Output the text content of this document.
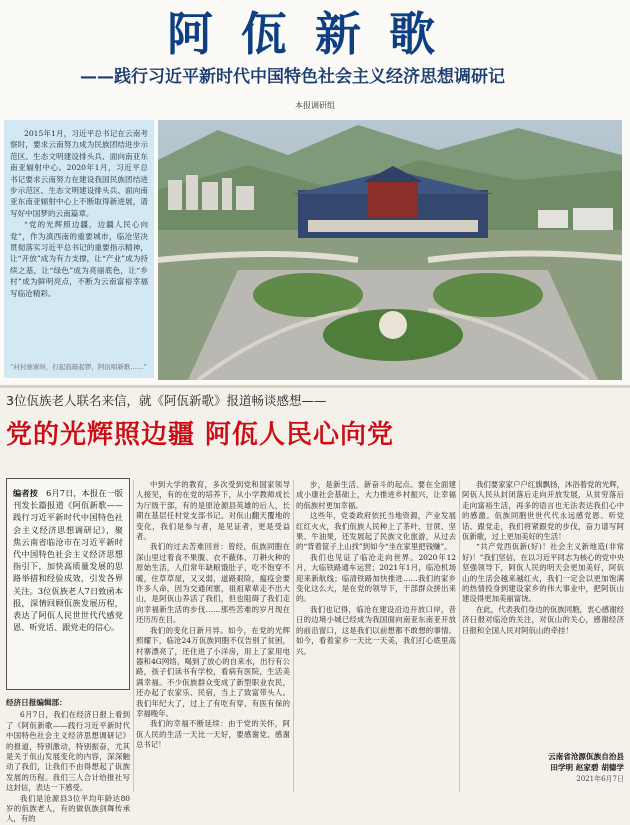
阿佤新歌
——践行习近平新时代中国特色社会主义经济思想调研记
本报调研组

2015年1月，习近平总书记在云南考察时，要求云南努力成为民族团结进步示范区、生态文明建设排头兵、面向南亚东南亚辐射中心。2020年1月，习近平总书记要求云南努力在建设我国民族团结进步示范区、生态文明建设排头兵、面向南亚东南亚辐射中心上不断取得新进展，谱写好中国梦的云南篇章。

“党的光辉照边疆，边疆人民心向党”，作为滇西南的重要城市，临沧坚决贯彻落实习近平总书记的重要指示精神，让“开放”成为有力支撑，让“产业”成为持续之基，让“绿色”成为亮丽底色，让“乡村”成为鲜明亮点，不断为云南富裕幸福写临沧精彩。

“村村寨寨呀，打起鼓敲起锣，阿佤唱新歌……”
3位佤族老人联名来信，就《阿佤新歌》报道畅谈感想——
党的光辉照边疆 阿佤人民心向党

编者按　 6月7日，本报在一版刊发长篇报道《阿佤新歌——践行习近平新时代中国特色社会主义经济思想调研记》，聚焦云南省临沧市在习近平新时代中国特色社会主义经济思想指引下，加快高质量发展的思路举措和经验成效，引发各界关注。3位佤族老人7日致函本报，深情回顾佤族发展历程，表达了阿佤人民世世代代感党恩、听党话、跟党走的信心。

经济日报编辑部：

6月7日，我们在经济日报上看到了《阿佤新歌——践行习近平新时代中国特色社会主义经济思想调研记》的报道，特别激动，特别振奋，尤其是关于佤山发展变化的内容，深深触动了我们，让我们不由得想起了佤族发展的历程。我们三人合计给报社写这封信，表达一下感受。

我们是沧源县3位平均年龄达80岁的佤族老人，有的做佤族剑舞传承人，有的

中到大学的教育，多次受到党和国家领导人接见，有的在党的培养下，从小学教师成长为厅级干部，有的是原沧源县英雄的后人，长期在基层任村党支部书记。对佤山翻天覆地的变化，我们是参与者，是见证者，更是受益者。

我们的过去苦难回首：曾经，佤族同胞在深山里过着食不果腹、衣不蔽体、刀耕火种的原始生活，人们常年缺粮饿肚子，吃不饱穿不暖，住草草屋，又又弱，道路艰险，瘟疫会要许多人命，因为交通闭塞，祖祖辈辈走不出大山，是阿佤山养活了我们，但也阻碍了我们走向幸福新生活的步伐……那些苦难的岁月现在还历历在目。

我们的变化日新月异。如今，在党的光辉照耀下，临沧24万佤族同胞不仅告别了贫困，村寨漂亮了，还住进了小洋房，用上了家用电器和4G网络，喝到了放心的自来水，出行有公路，孩子们读书有学校，看病有医院，生活美满幸福。不少佤族群众变成了新型职业农民，还办起了农家乐、民宿，当上了致富带头人。我们年纪大了，过上了有吃有穿、有医有保的幸福晚年。

我们的幸福不断延续：由于党的关怀，阿佤人民的生活一天比一天好，要感谢党、感谢总书记！

步，是新生活、新奋斗的起点。要在全面建成小康社会基础上，大力推进乡村振兴，让幸福的佤族村更加幸福。

这些年，党委政府依托当地资源，产业发展红红火火，我们佤族人民种上了茶叶、甘蔗、坚果、牛油果，还发展起了民族文化旅游，从过去的“背着筐子上山找”到如今“坐在家里把钱赚”。

我们也见证了临沧走向世界。2020年12月，大临铁路通车运营；2021年1月，临沧机场迎来新航线；临清铁路加快推进……我们的家乡变化这么大，是在党的领导下，干部群众拼出来的。

我们也记得，临沧在建设沿边开放口岸，昔日的边境小城已经成为我国面向南亚东南亚开放的前沿窗口，这是我们以前想都不敢想的事情。如今，看着家乡一天比一天美，我们打心底里高兴。

我们要家家户户红旗飘扬，沐浴着党的光辉，阿佤人民从封闭落后走向开放发展，从贫穷落后走向富裕生活，再多的语言也无法表达我们心中的感激。佤族同胞世世代代永远感党恩、听党话、跟党走，我们将紧跟党的步伐，奋力谱写阿佤新歌，过上更加美好的生活！

“共产党西佤新(好)！社会主义新地造(非常好)！”我们坚信，在以习近平同志为核心的党中央坚强领导下，阿佤人民的明天会更加美好，阿佤山的生活会越来越红火，我们一定会以更加饱满的热情投身到建设家乡的伟大事业中，把阿佤山建设得更加美丽富饶。

在此，代表我们身边的佤族同胞，衷心感谢经济日报对临沧的关注，对佤山的关心，感谢经济日报和全国人民对阿佤山的牵挂！

云南省沧源佤族自治县
田学明 赵家碧 胡德学
2021年6月7日
